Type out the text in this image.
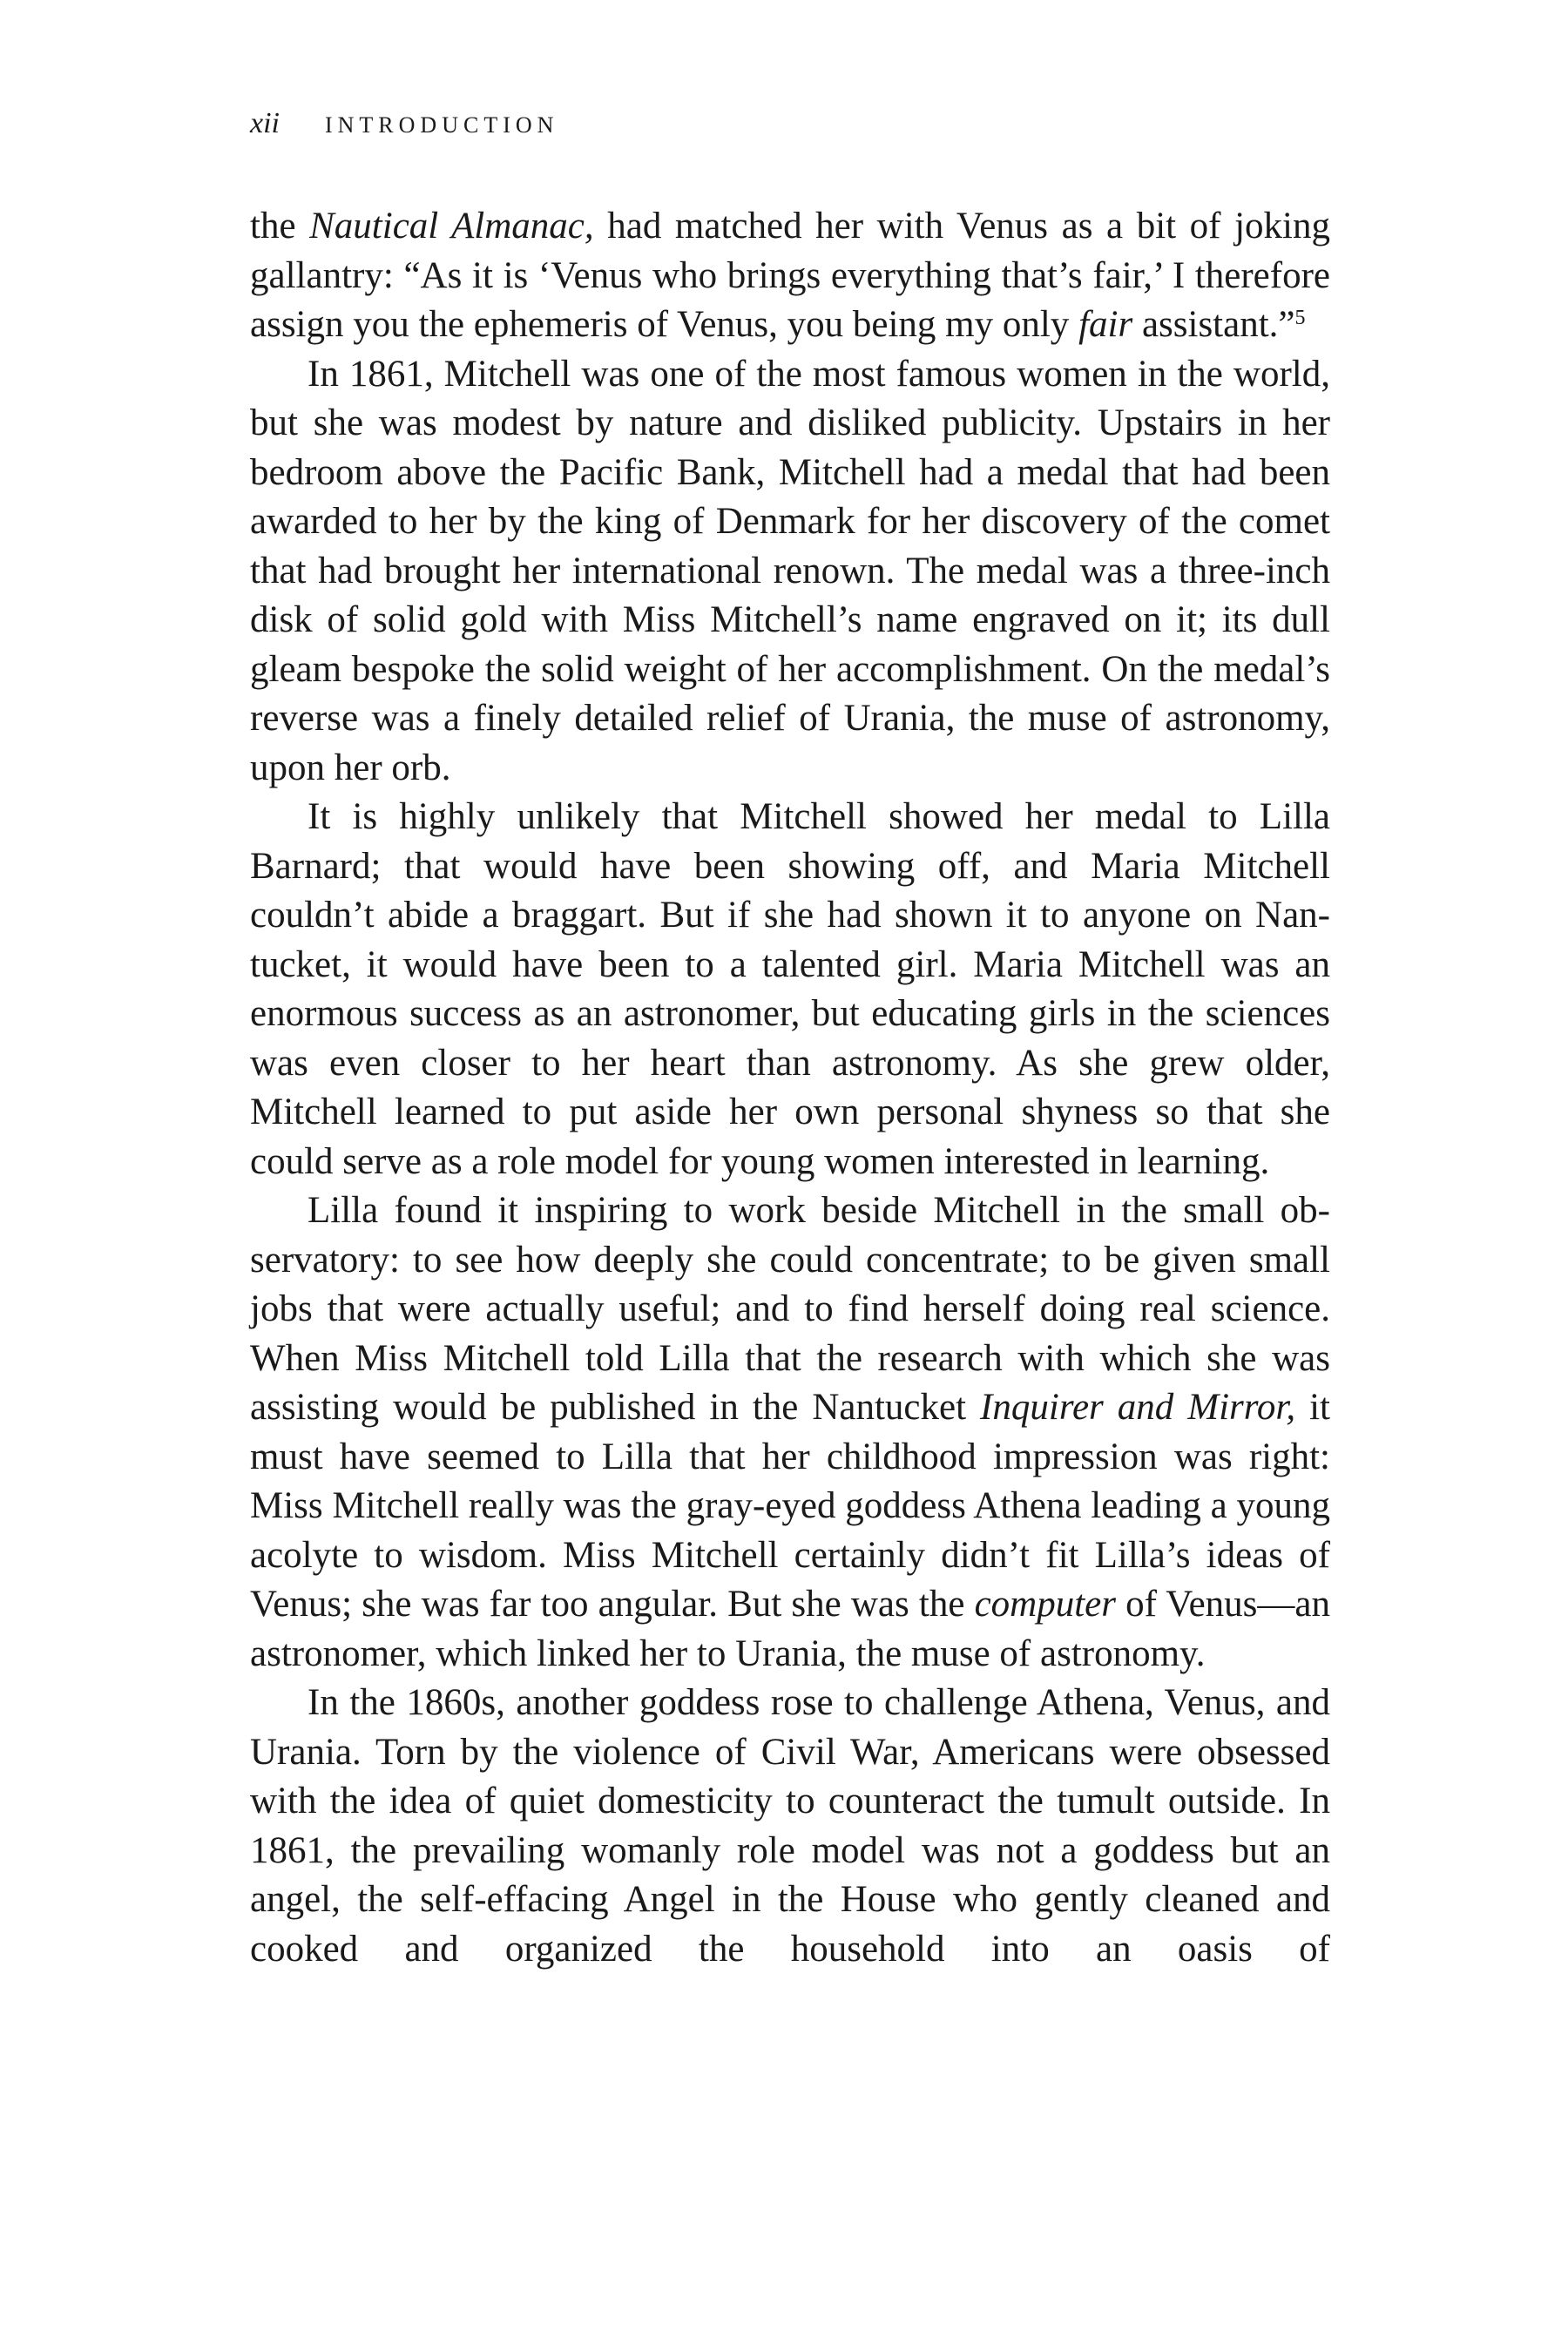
xii INTRODUCTION

the Nautical Almanac, had matched her with Venus as a bit of joking gallantry: “As it is ‘Venus who brings everything that’s fair,’ I therefore assign you the ephemeris of Venus, you being my only fair assistant.”$^5$

In 1861, Mitchell was one of the most famous women in the world, but she was modest by nature and disliked publicity. Upstairs in her bedroom above the Pacific Bank, Mitchell had a medal that had been awarded to her by the king of Denmark for her discovery of the comet that had brought her international renown. The medal was a three-inch disk of solid gold with Miss Mitchell’s name engraved on it; its dull gleam bespoke the solid weight of her accomplishment. On the medal’s reverse was a finely detailed relief of Urania, the muse of astronomy, upon her orb.

It is highly unlikely that Mitchell showed her medal to Lilla Barnard; that would have been showing off, and Maria Mitchell couldn’t abide a braggart. But if she had shown it to anyone on Nantucket, it would have been to a talented girl. Maria Mitchell was an enormous success as an astronomer, but educating girls in the sciences was even closer to her heart than astronomy. As she grew older, Mitchell learned to put aside her own personal shyness so that she could serve as a role model for young women interested in learning.

Lilla found it inspiring to work beside Mitchell in the small observatory: to see how deeply she could concentrate; to be given small jobs that were actually useful; and to find herself doing real science. When Miss Mitchell told Lilla that the research with which she was assisting would be published in the Nantucket Inquirer and Mirror, it must have seemed to Lilla that her childhood impression was right: Miss Mitchell really was the gray-eyed goddess Athena leading a young acolyte to wisdom. Miss Mitchell certainly didn’t fit Lilla’s ideas of Venus; she was far too angular. But she was the computer of Venus—an astronomer, which linked her to Urania, the muse of astronomy.

In the 1860s, another goddess rose to challenge Athena, Venus, and Urania. Torn by the violence of Civil War, Americans were obsessed with the idea of quiet domesticity to counteract the tumult outside. In 1861, the prevailing womanly role model was not a goddess but an angel, the self-effacing Angel in the House who gently cleaned and cooked and organized the household into an oasis of
